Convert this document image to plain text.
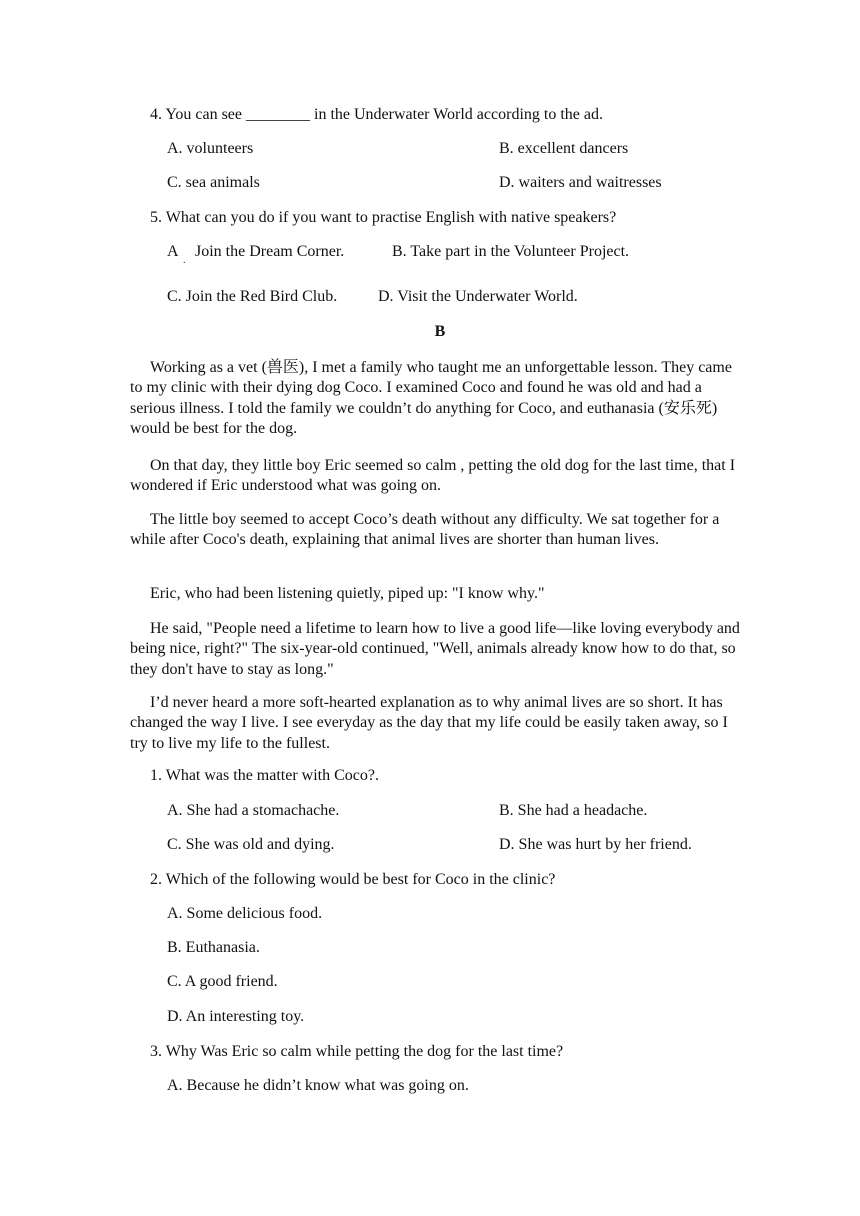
4. You can see ________ in the Underwater World according to the ad.
A. volunteers	B. excellent dancers
C. sea animals	D. waiters and waitresses
5. What can you do if you want to practise English with native speakers?
A
.
Join the Dream Corner.	B. Take part in the Volunteer Project.
C. Join the Red Bird Club.	D. Visit the Underwater World.
B
Working as a vet (兽医), I met a family who taught me an unforgettable lesson. They came to my clinic with their dying dog Coco. I examined Coco and found he was old and had a serious illness. I told the family we couldn’t do anything for Coco, and euthanasia (安乐死) would be best for the dog.
On that day, they little boy Eric seemed so calm , petting the old dog for the last time, that I wondered if Eric understood what was going on.
The little boy seemed to accept Coco’s death without any difficulty. We sat together for a while after Coco's death, explaining that animal lives are shorter than human lives.
Eric, who had been listening quietly, piped up: "I know why."
He said, "People need a lifetime to learn how to live a good life—like loving everybody and being nice, right?" The six-year-old continued, "Well, animals already know how to do that, so they don't have to stay as long."
I’d never heard a more soft-hearted explanation as to why animal lives are so short. It has changed the way I live. I see everyday as the day that my life could be easily taken away, so I try to live my life to the fullest.
1. What was the matter with Coco?.
A. She had a stomachache.	B. She had a headache.
C. She was old and dying.	D. She was hurt by her friend.
2. Which of the following would be best for Coco in the clinic?
A. Some delicious food.
B. Euthanasia.
C. A good friend.
D. An interesting toy.
3. Why Was Eric so calm while petting the dog for the last time?
A. Because he didn’t know what was going on.
